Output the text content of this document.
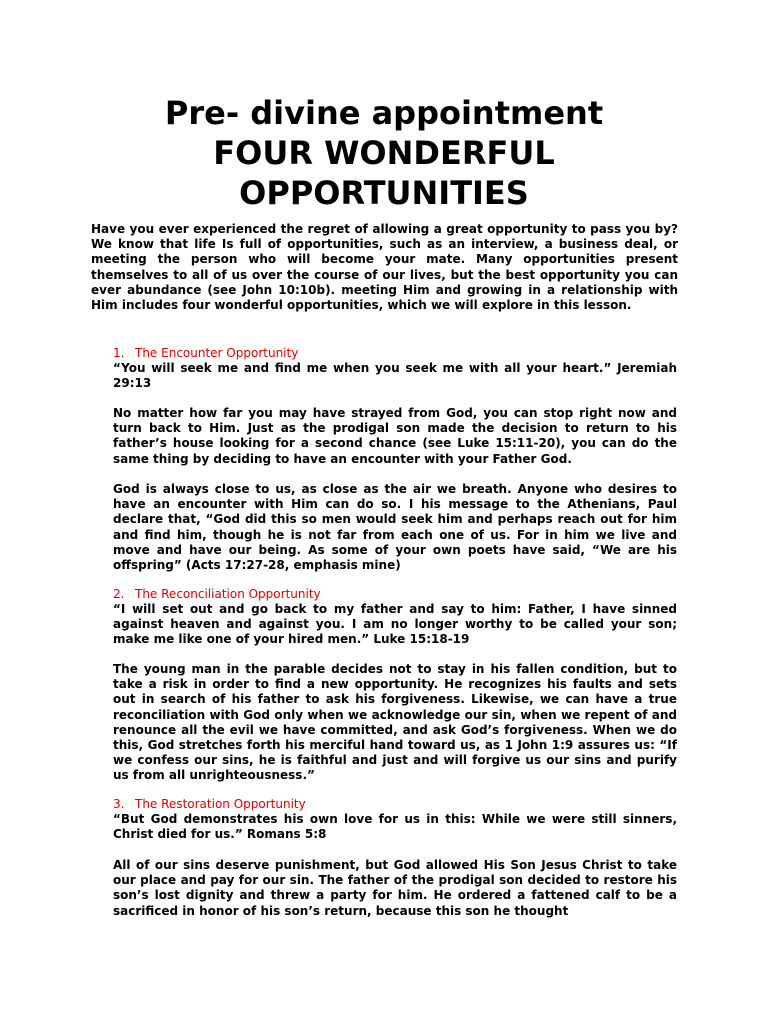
Pre- divine appointment

FOUR WONDERFUL

OPPORTUNITIES

Have you ever experienced the regret of allowing a great opportunity to pass you by? We know that life Is full of opportunities, such as an interview, a business deal, or meeting the person who will become your mate. Many opportunities present themselves to all of us over the course of our lives, but the best opportunity you can ever abundance (see John 10:10b). meeting Him and growing in a relationship with Him includes four wonderful opportunities, which we will explore in this lesson.

1. The Encounter Opportunity

“You will seek me and find me when you seek me with all your heart.” Jeremiah 29:13

No matter how far you may have strayed from God, you can stop right now and turn back to Him. Just as the prodigal son made the decision to return to his father’s house looking for a second chance (see Luke 15:11-20), you can do the same thing by deciding to have an encounter with your Father God.

God is always close to us, as close as the air we breath. Anyone who desires to have an encounter with Him can do so. I his message to the Athenians, Paul declare that, “God did this so men would seek him and perhaps reach out for him and find him, though he is not far from each one of us. For in him we live and move and have our being. As some of your own poets have said, “We are his offspring” (Acts 17:27-28, emphasis mine)

2. The Reconciliation Opportunity

“I will set out and go back to my father and say to him: Father, I have sinned against heaven and against you. I am no longer worthy to be called your son; make me like one of your hired men.” Luke 15:18-19

The young man in the parable decides not to stay in his fallen condition, but to take a risk in order to find a new opportunity. He recognizes his faults and sets out in search of his father to ask his forgiveness. Likewise, we can have a true reconciliation with God only when we acknowledge our sin, when we repent of and renounce all the evil we have committed, and ask God’s forgiveness. When we do this, God stretches forth his merciful hand toward us, as 1 John 1:9 assures us: “If we confess our sins, he is faithful and just and will forgive us our sins and purify us from all unrighteousness.”

3. The Restoration Opportunity

“But God demonstrates his own love for us in this: While we were still sinners, Christ died for us.” Romans 5:8

All of our sins deserve punishment, but God allowed His Son Jesus Christ to take our place and pay for our sin. The father of the prodigal son decided to restore his son’s lost dignity and threw a party for him. He ordered a fattened calf to be a sacrificed in honor of his son’s return, because this son he thought
